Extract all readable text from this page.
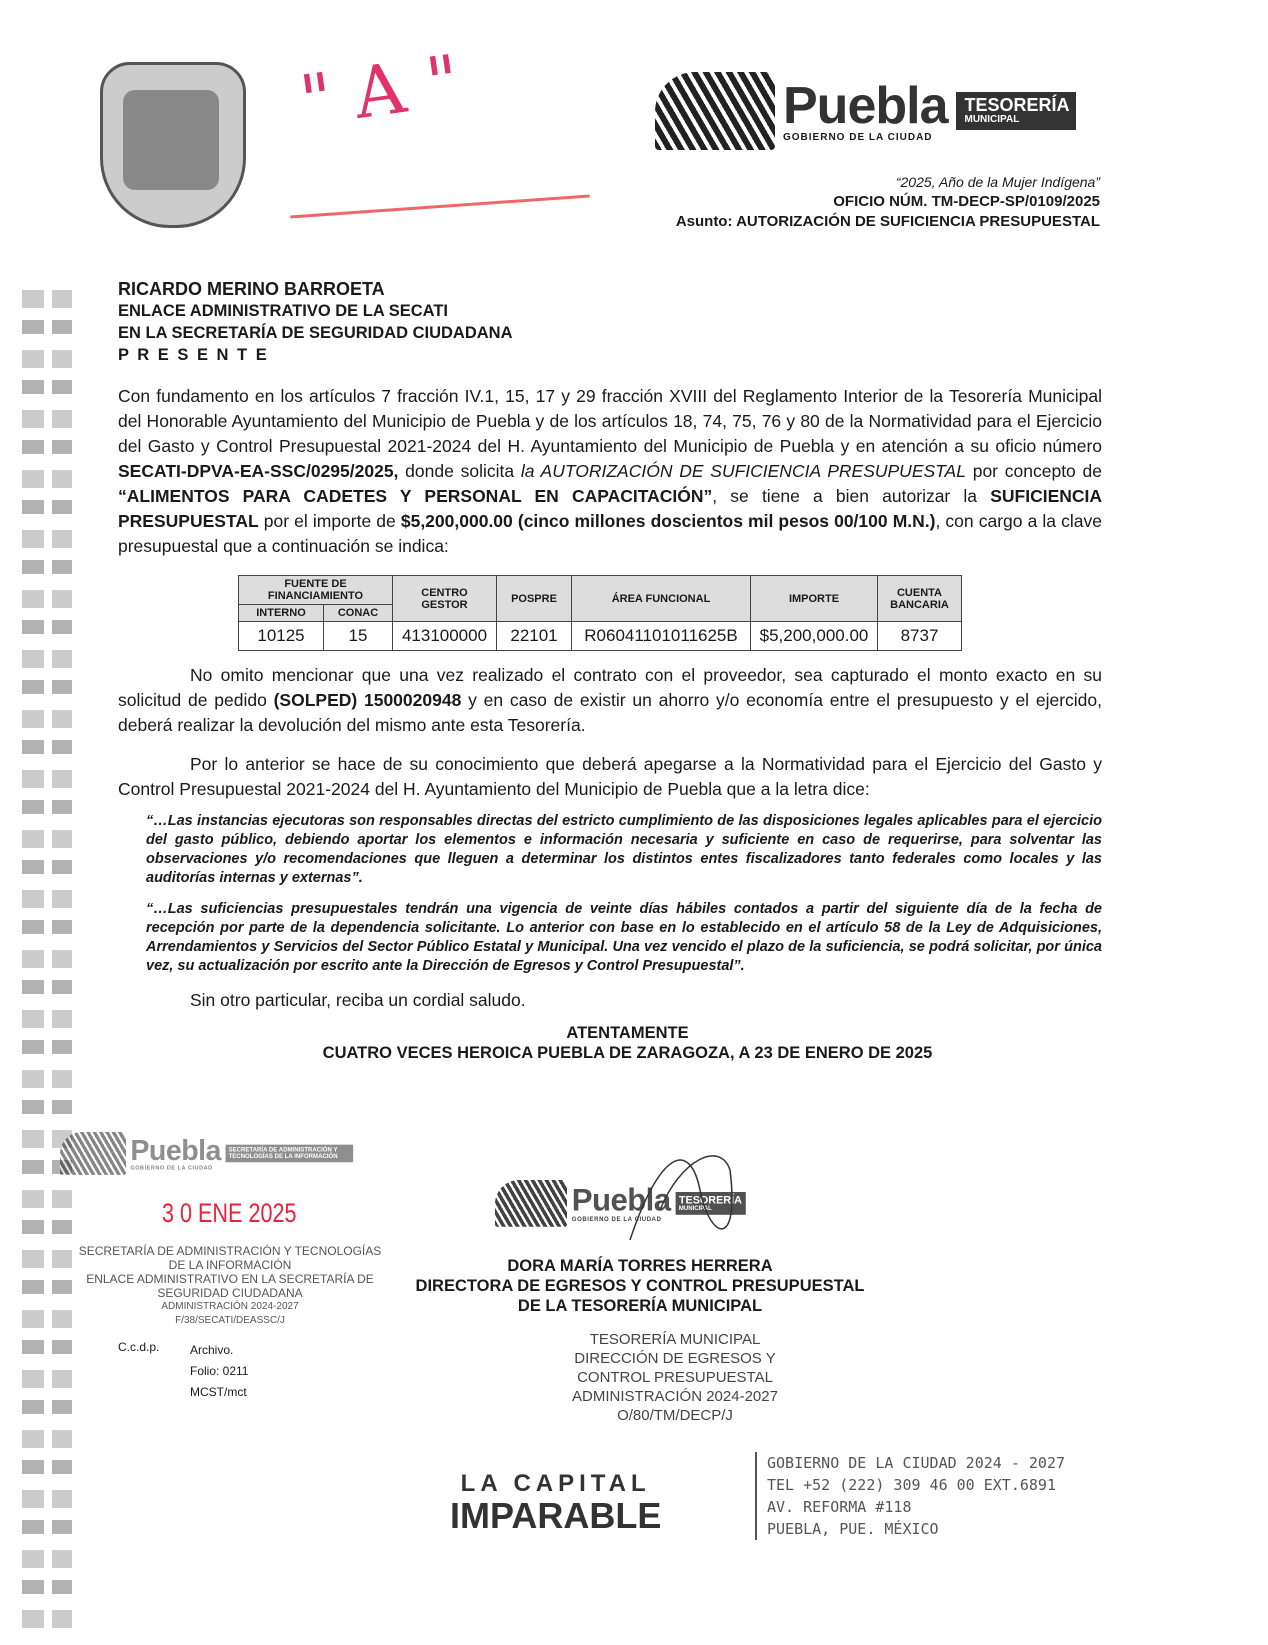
" A "	Puebla
GOBIERNO DE LA CIUDAD
TESORERÍA
MUNICIPAL
“2025, Año de la Mujer Indígena”
OFICIO NÚM. TM-DECP-SP/0109/2025
Asunto: AUTORIZACIÓN DE SUFICIENCIA PRESUPUESTAL
RICARDO MERINO BARROETA
ENLACE ADMINISTRATIVO DE LA SECATI
EN LA SECRETARÍA DE SEGURIDAD CIUDADANA
P R E S E N T E
Con fundamento en los artículos 7 fracción IV.1, 15, 17 y 29 fracción XVIII del Reglamento Interior de la Tesorería Municipal del Honorable Ayuntamiento del Municipio de Puebla y de los artículos 18, 74, 75, 76 y 80 de la Normatividad para el Ejercicio del Gasto y Control Presupuestal 2021-2024 del H. Ayuntamiento del Municipio de Puebla y en atención a su oficio número SECATI-DPVA-EA-SSC/0295/2025, donde solicita la AUTORIZACIÓN DE SUFICIENCIA PRESUPUESTAL por concepto de “ALIMENTOS PARA CADETES Y PERSONAL EN CAPACITACIÓN”, se tiene a bien autorizar la SUFICIENCIA PRESUPUESTAL por el importe de $5,200,000.00 (cinco millones doscientos mil pesos 00/100 M.N.), con cargo a la clave presupuestal que a continuación se indica:
FUENTE DE FINANCIAMIENTO		CENTRO GESTOR	POSPRE	ÁREA FUNCIONAL	IMPORTE	CUENTA BANCARIA
INTERNO	CONAC					
10125	15	413100000	22101	R06041101011625B	$5,200,000.00	8737
No omito mencionar que una vez realizado el contrato con el proveedor, sea capturado el monto exacto en su solicitud de pedido (SOLPED) 1500020948 y en caso de existir un ahorro y/o economía entre el presupuesto y el ejercido, deberá realizar la devolución del mismo ante esta Tesorería.
Por lo anterior se hace de su conocimiento que deberá apegarse a la Normatividad para el Ejercicio del Gasto y Control Presupuestal 2021-2024 del H. Ayuntamiento del Municipio de Puebla que a la letra dice:
“…Las instancias ejecutoras son responsables directas del estricto cumplimiento de las disposiciones legales aplicables para el ejercicio del gasto público, debiendo aportar los elementos e información necesaria y suficiente en caso de requerirse, para solventar las observaciones y/o recomendaciones que lleguen a determinar los distintos entes fiscalizadores tanto federales como locales y las auditorías internas y externas”.
“…Las suficiencias presupuestales tendrán una vigencia de veinte días hábiles contados a partir del siguiente día de la fecha de recepción por parte de la dependencia solicitante. Lo anterior con base en lo establecido en el artículo 58 de la Ley de Adquisiciones, Arrendamientos y Servicios del Sector Público Estatal y Municipal. Una vez vencido el plazo de la suficiencia, se podrá solicitar, por única vez, su actualización por escrito ante la Dirección de Egresos y Control Presupuestal”.
Sin otro particular, reciba un cordial saludo.
ATENTAMENTE
CUATRO VECES HEROICA PUEBLA DE ZARAGOZA, A 23 DE ENERO DE 2025
Puebla
GOBIERNO DE LA CIUDAD
SECRETARÍA DE ADMINISTRACIÓN Y TECNOLOGÍAS DE LA INFORMACIÓN
3 0 ENE 2025
SECRETARÍA DE ADMINISTRACIÓN Y TECNOLOGÍAS
DE LA INFORMACIÓN
ENLACE ADMINISTRATIVO EN LA SECRETARÍA DE
SEGURIDAD CIUDADANA
ADMINISTRACIÓN 2024-2027
F/38/SECATI/DEASSC/J
Puebla
GOBIERNO DE LA CIUDAD
TESORERÍA
MUNICIPAL
DORA MARÍA TORRES HERRERA
DIRECTORA DE EGRESOS Y CONTROL PRESUPUESTAL
DE LA TESORERÍA MUNICIPAL
TESORERÍA MUNICIPAL
DIRECCIÓN DE EGRESOS Y
CONTROL PRESUPUESTAL
ADMINISTRACIÓN 2024-2027
O/80/TM/DECP/J
C.c.d.p.	Archivo.
Folio: 0211
MCST/mct
LA CAPITAL
IMPARABLE
GOBIERNO DE LA CIUDAD 2024 - 2027
TEL +52 (222) 309 46 00 EXT.6891
AV. REFORMA #118
PUEBLA, PUE. MÉXICO
